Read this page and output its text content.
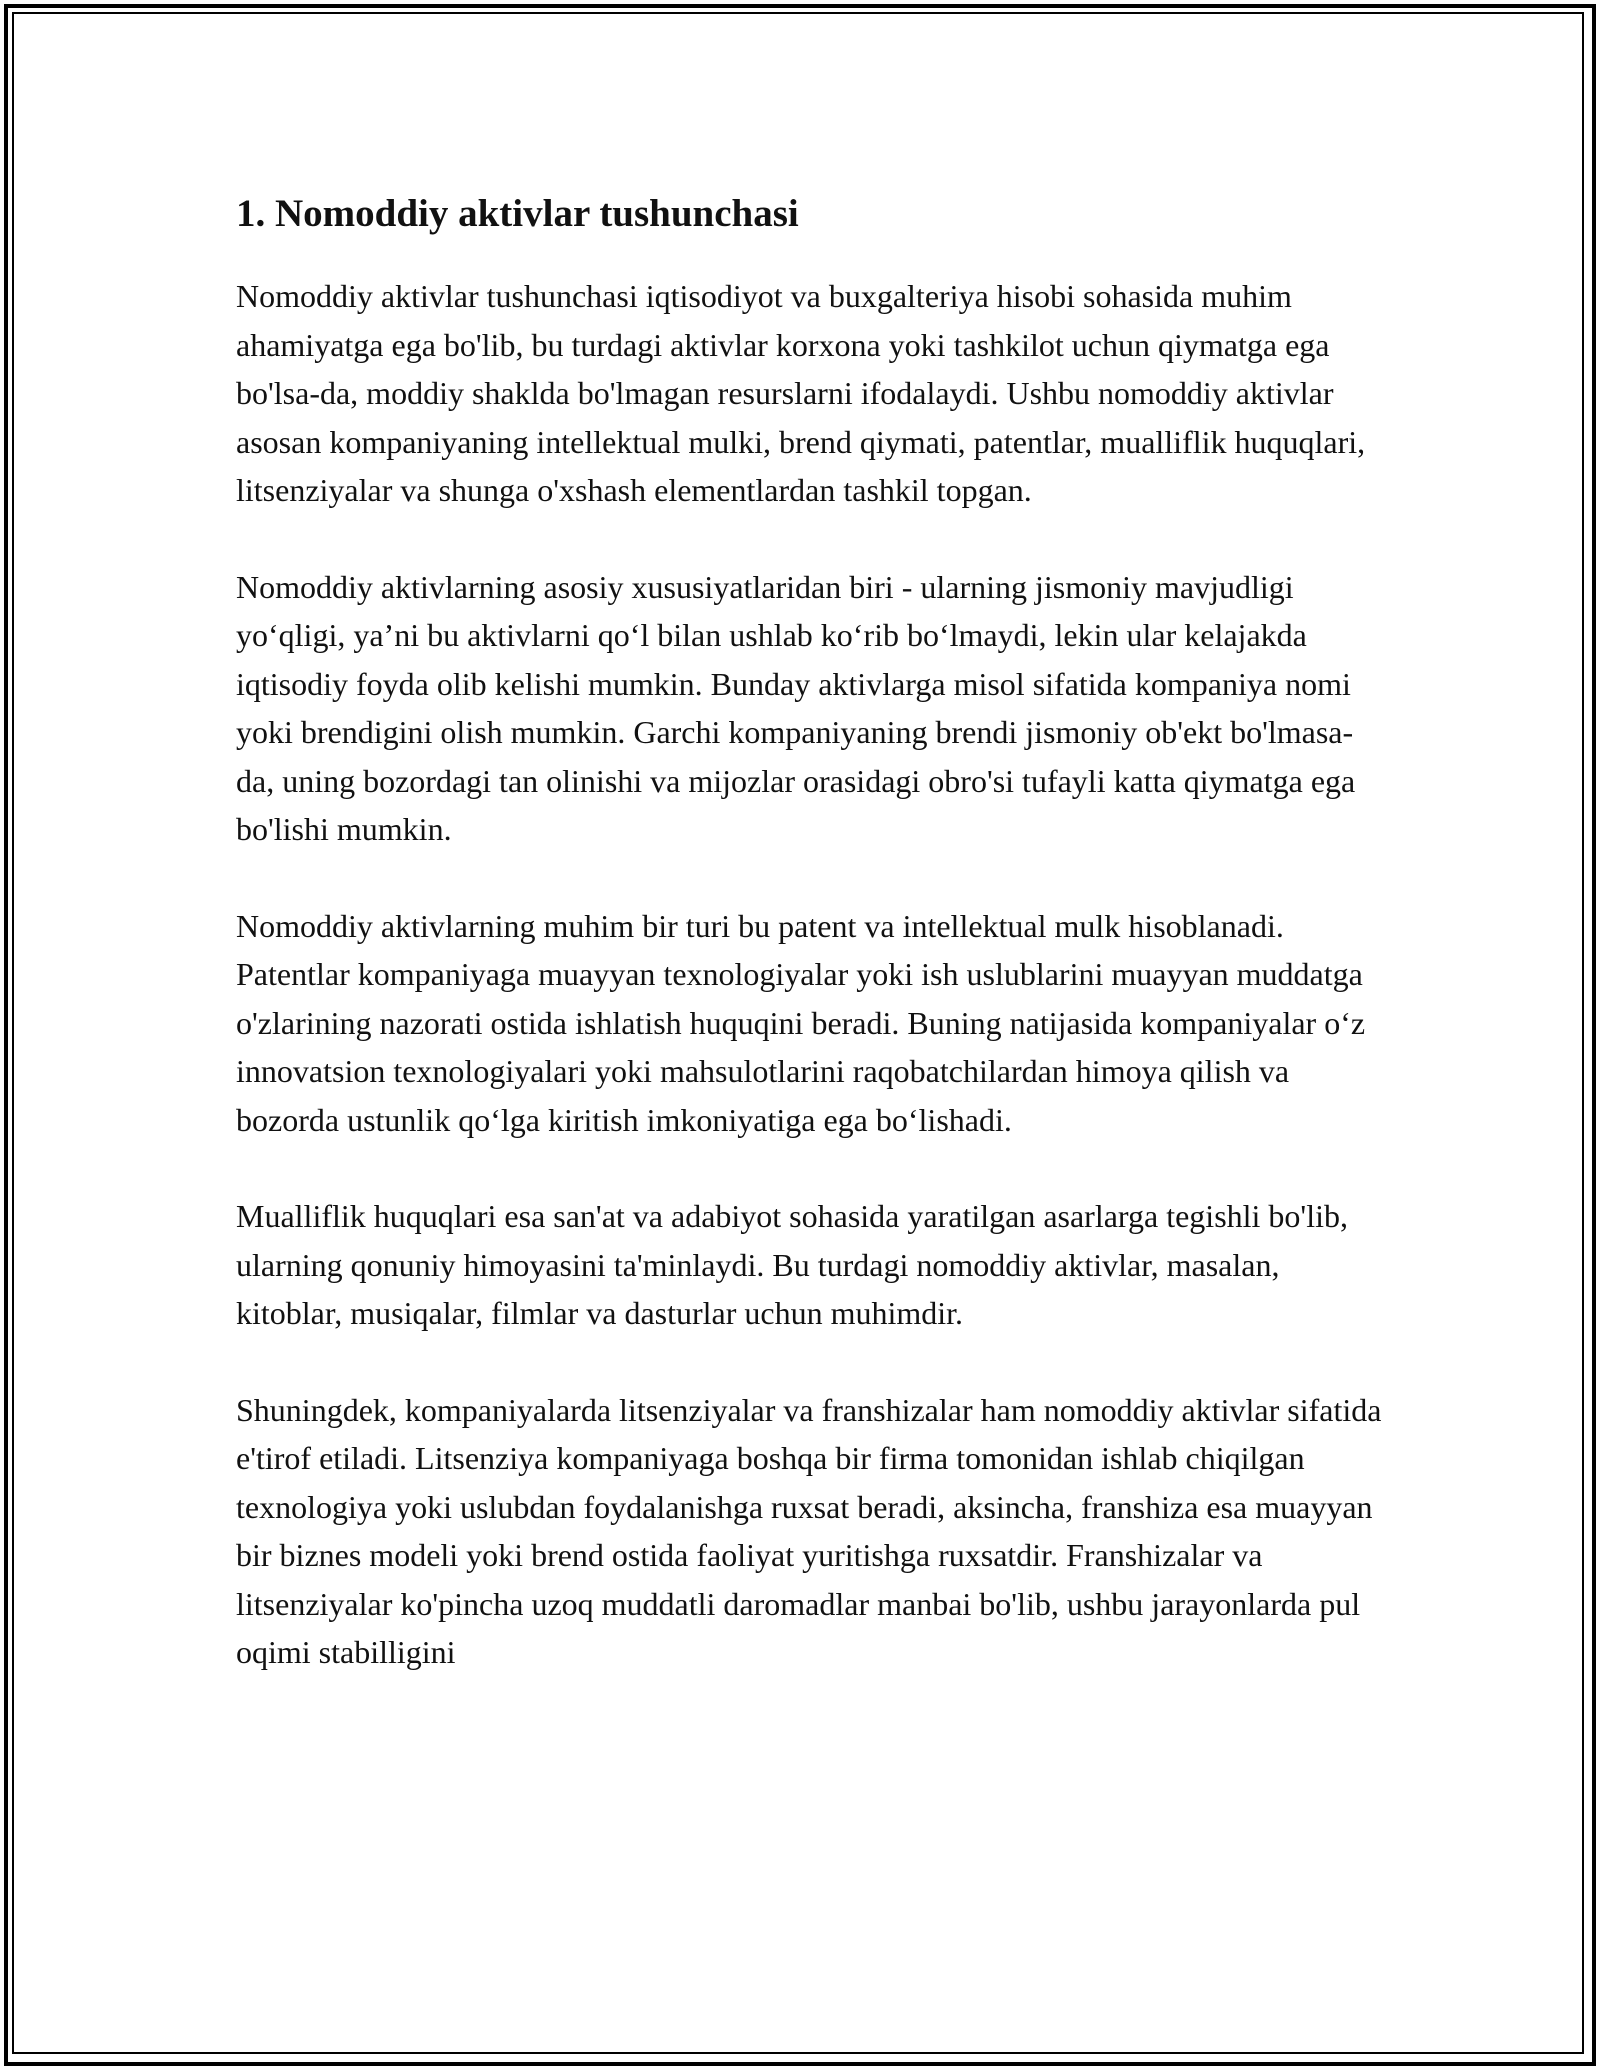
1. Nomoddiy aktivlar tushunchasi

Nomoddiy aktivlar tushunchasi iqtisodiyot va buxgalteriya hisobi sohasida muhim ahamiyatga ega bo'lib, bu turdagi aktivlar korxona yoki tashkilot uchun qiymatga ega bo'lsa-da, moddiy shakldа bo'lmagan resurslarni ifodalaydi. Ushbu nomoddiy aktivlar asosan kompaniyaning intellektual mulki, brend qiymati, patentlar, mualliflik huquqlari, litsenziyalar va shunga o'xshash elementlardan tashkil topgan.

Nomoddiy aktivlarning asosiy xususiyatlaridan biri - ularning jismoniy mavjudligi yoʻqligi, yaʼni bu aktivlarni qoʻl bilan ushlab koʻrib boʻlmaydi, lekin ular kelajakda iqtisodiy foyda olib kelishi mumkin. Bunday aktivlarga misol sifatida kompaniya nomi yoki brendigini olish mumkin. Garchi kompaniyaning brendi jismoniy ob'ekt bo'lmasa-da, uning bozordagi tan olinishi va mijozlar orasidagi obro'si tufayli katta qiymatga ega bo'lishi mumkin.

Nomoddiy aktivlarning muhim bir turi bu patent va intellektual mulk hisoblanadi. Patentlar kompaniyaga muayyan texnologiyalar yoki ish uslublarini muayyan muddatga o'zlarining nazorati ostida ishlatish huquqini beradi. Buning natijasida kompaniyalar oʻz innovatsion texnologiyalari yoki mahsulotlarini raqobatchilardan himoya qilish va bozorda ustunlik qoʻlga kiritish imkoniyatiga ega boʻlishadi.

Mualliflik huquqlari esa san'at va adabiyot sohasida yaratilgan asarlarga tegishli bo'lib, ularning qonuniy himoyasini ta'minlaydi. Bu turdagi nomoddiy aktivlar, masalan, kitoblar, musiqalar, filmlar va dasturlar uchun muhimdir.

Shuningdek, kompaniyalarda litsenziyalar va franshizalar ham nomoddiy aktivlar sifatida e'tirof etiladi. Litsenziya kompaniyaga boshqa bir firma tomonidan ishlab chiqilgan texnologiya yoki uslubdan foydalanishga ruxsat beradi, aksincha, franshiza esa muayyan bir biznes modeli yoki brend ostida faoliyat yuritishga ruxsatdir. Franshizalar va litsenziyalar ko'pincha uzoq muddatli daromadlar manbai bo'lib, ushbu jarayonlarda pul oqimi stabilligini
